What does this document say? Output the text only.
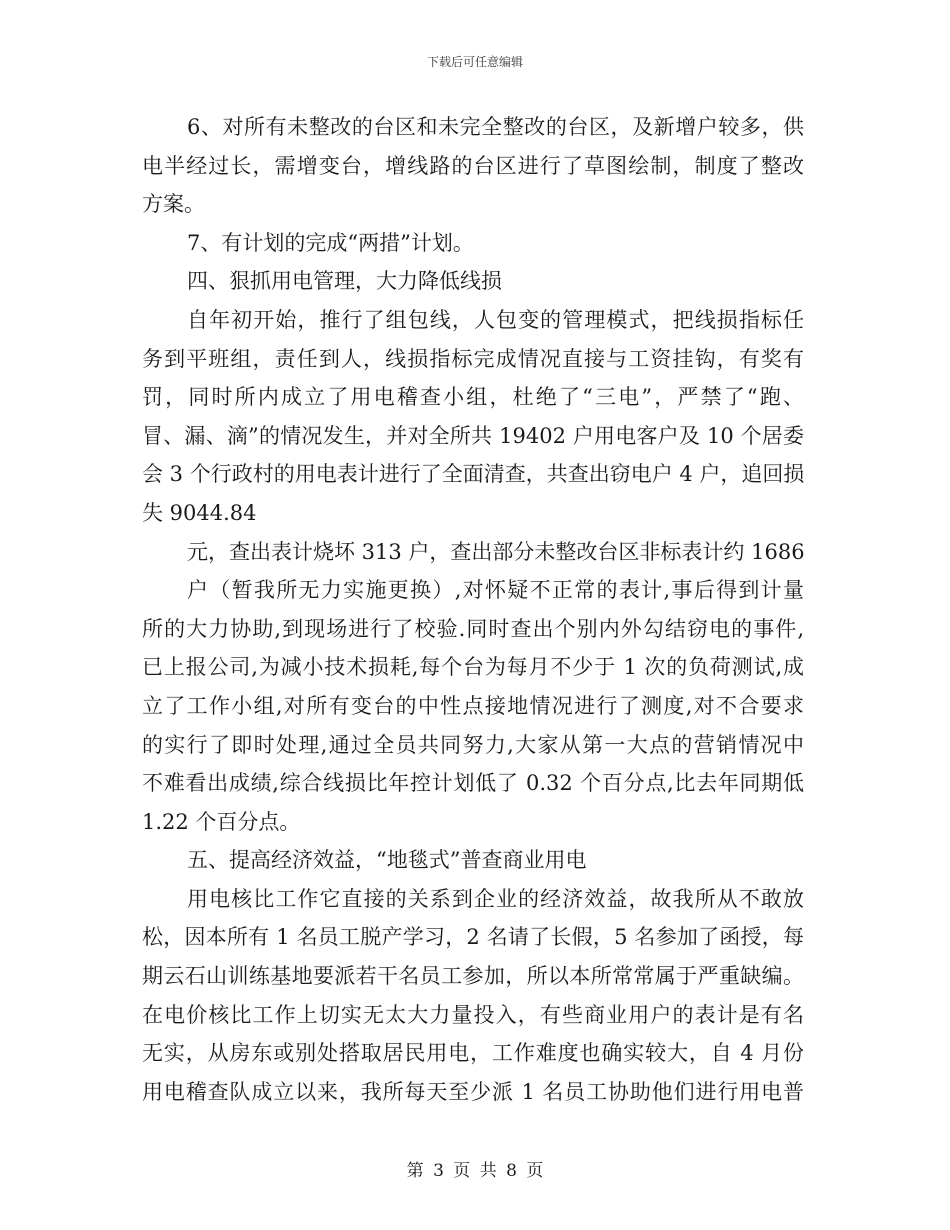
下载后可任意编辑
6、对所有未整改的台区和未完全整改的台区，及新增户较多，供
电半经过长，需增变台，增线路的台区进行了草图绘制，制度了整改
方案。
7、有计划的完成“两措”计划。
四、狠抓用电管理，大力降低线损
自年初开始，推行了组包线，人包变的管理模式，把线损指标任
务到平班组，责任到人，线损指标完成情况直接与工资挂钩，有奖有
罚，同时所内成立了用电稽查小组，杜绝了“三电”，严禁了“跑、
冒、漏、滴”的情况发生，并对全所共 19402 户用电客户及 10 个居委
会 3 个行政村的用电表计进行了全面清查，共查出窃电户 4 户，追回损
失 9044.84
元，查出表计烧坏 313 户，查出部分未整改台区非标表计约 1686
户（暂我所无力实施更换）,对怀疑不正常的表计,事后得到计量
所的大力协助,到现场进行了校验.同时查出个别内外勾结窃电的事件,
已上报公司,为减小技术损耗,每个台为每月不少于 1 次的负荷测试,成
立了工作小组,对所有变台的中性点接地情况进行了测度,对不合要求
的实行了即时处理,通过全员共同努力,大家从第一大点的营销情况中
不难看出成绩,综合线损比年控计划低了 0.32 个百分点,比去年同期低
1.22 个百分点。
五、提高经济效益，“地毯式”普查商业用电
用电核比工作它直接的关系到企业的经济效益，故我所从不敢放
松，因本所有 1 名员工脱产学习，2 名请了长假，5 名参加了函授，每
期云石山训练基地要派若干名员工参加，所以本所常常属于严重缺编。
在电价核比工作上切实无太大力量投入，有些商业用户的表计是有名
无实，从房东或别处搭取居民用电，工作难度也确实较大，自 4 月份
用电稽查队成立以来，我所每天至少派 1 名员工协助他们进行用电普
第 3 页 共 8 页
